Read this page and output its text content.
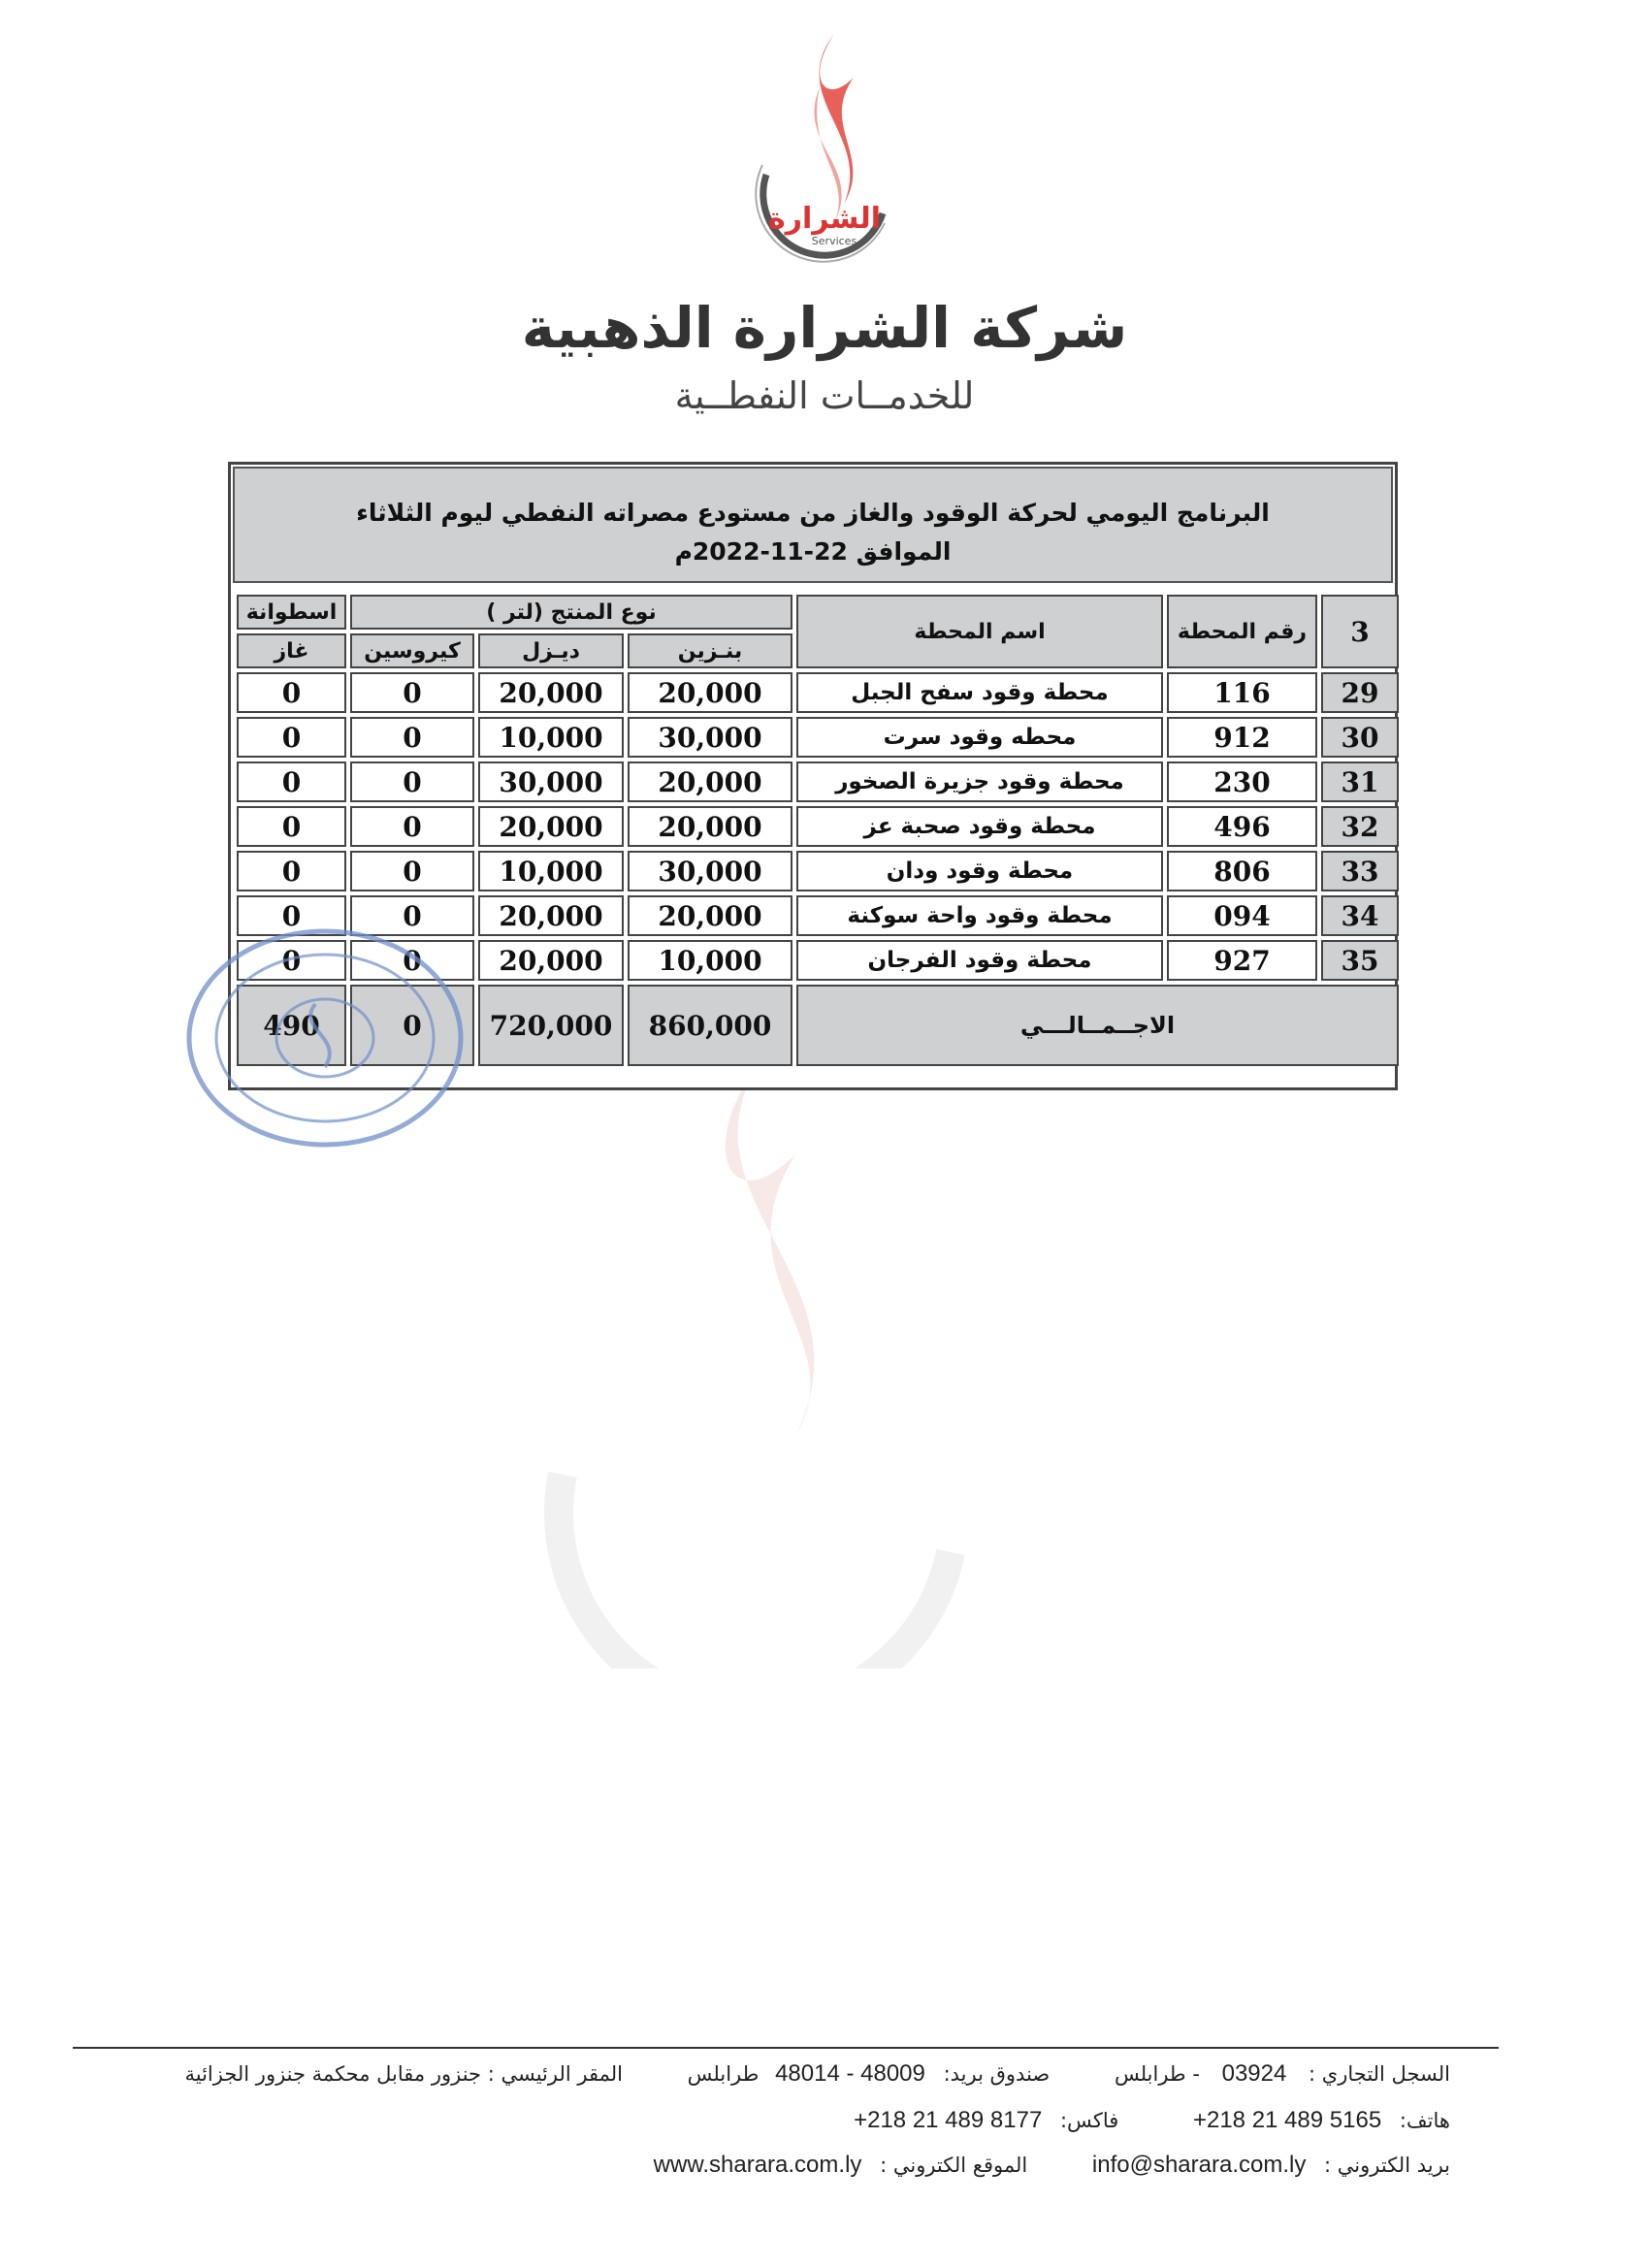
الشرارة
Services
شركة الشرارة الذهبية
للخدمــات النفطــية
البرنامج اليومي لحركة الوقود والغاز من مستودع مصراته النفطي ليوم الثلاثاء
الموافق 22-11-2022م
3	رقم المحطة	اسم المحطة	نوع المنتج (لتر )			اسطوانة
			بنـزين	ديـزل	كيروسين	غاز
29	116	محطة وقود سفح الجبل	20,000	20,000	0	0
30	912	محطه وقود سرت	30,000	10,000	0	0
31	230	محطة وقود جزيرة الصخور	20,000	30,000	0	0
32	496	محطة وقود صحبة عز	20,000	20,000	0	0
33	806	محطة وقود ودان	30,000	10,000	0	0
34	094	محطة وقود واحة سوكنة	20,000	20,000	0	0
35	927	محطة وقود الفرجان	10,000	20,000	0	0
الاجــمــالـــي			860,000	720,000	0	490
السجل التجاري : 03924 - طرابلس صندوق بريد: 48014 - 48009 طرابلس المقر الرئيسي : جنزور مقابل محكمة جنزور الجزائية
هاتف: +218 21 489 5165 فاكس: +218 21 489 8177
بريد الكتروني : info@sharara.com.ly الموقع الكتروني : www.sharara.com.ly
